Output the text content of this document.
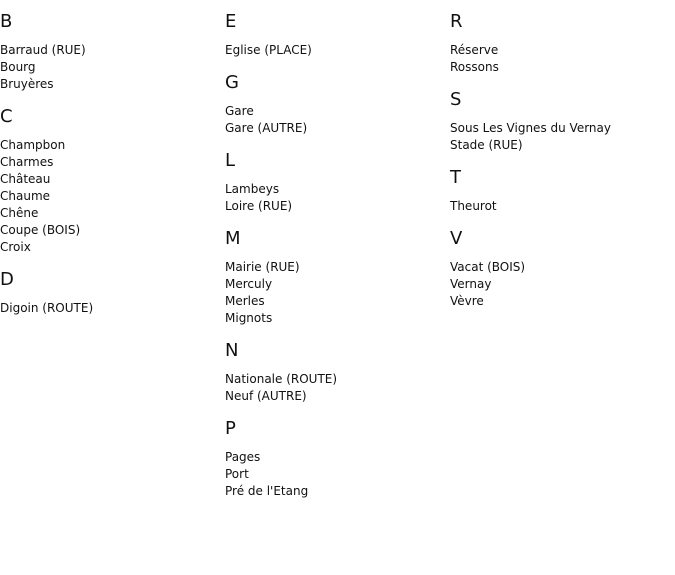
B
Barraud (RUE)
Bourg
Bruyères
C
Champbon
Charmes
Château
Chaume
Chêne
Coupe (BOIS)
Croix
D
Digoin (ROUTE)
E
Eglise (PLACE)
G
Gare
Gare (AUTRE)
L
Lambeys
Loire (RUE)
M
Mairie (RUE)
Merculy
Merles
Mignots
N
Nationale (ROUTE)
Neuf (AUTRE)
P
Pages
Port
Pré de l'Etang
R
Réserve
Rossons
S
Sous Les Vignes du Vernay
Stade (RUE)
T
Theurot
V
Vacat (BOIS)
Vernay
Vèvre
